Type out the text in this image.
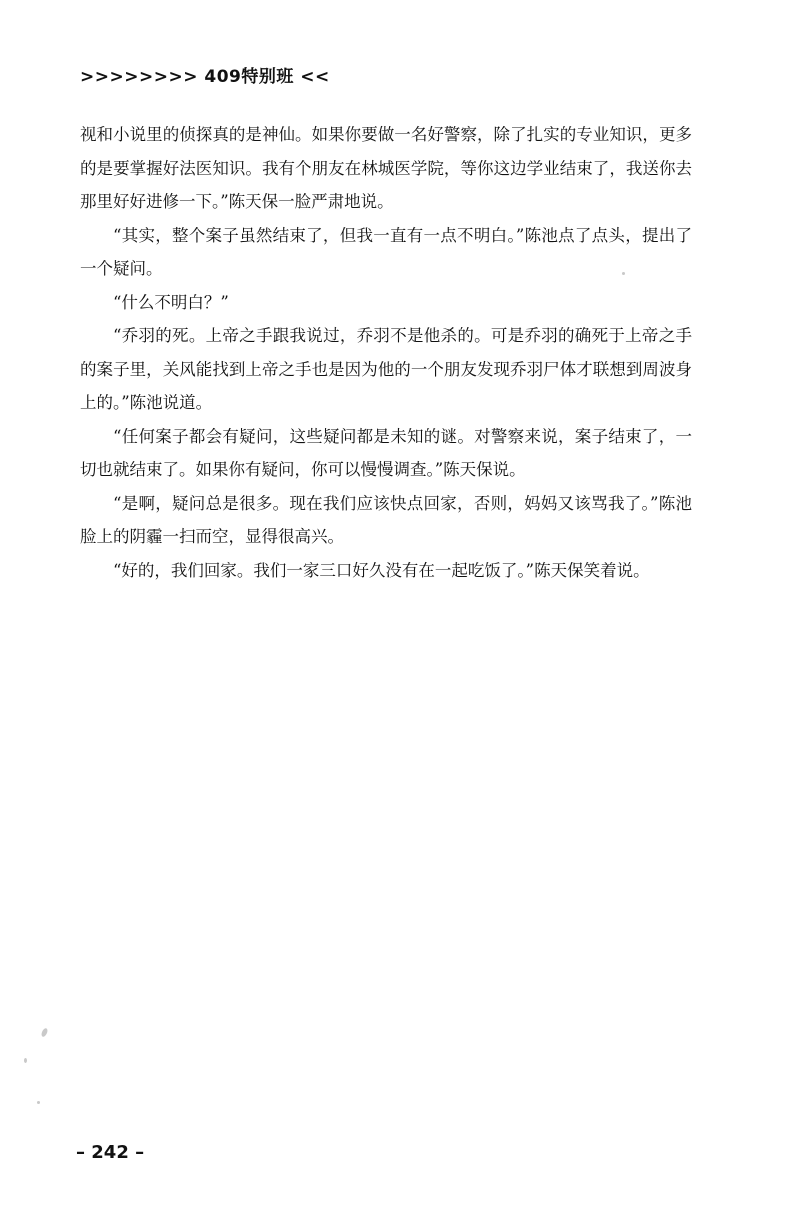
>>>>>>>> 409特别班 <<

视和小说里的侦探真的是神仙。如果你要做一名好警察，除了扎实的专业知识，更多的是要掌握好法医知识。我有个朋友在林城医学院，等你这边学业结束了，我送你去那里好好进修一下。”陈天保一脸严肃地说。

“其实，整个案子虽然结束了，但我一直有一点不明白。”陈池点了点头，提出了一个疑问。

“什么不明白？”

“乔羽的死。上帝之手跟我说过，乔羽不是他杀的。可是乔羽的确死于上帝之手的案子里，关风能找到上帝之手也是因为他的一个朋友发现乔羽尸体才联想到周波身上的。”陈池说道。

“任何案子都会有疑问，这些疑问都是未知的谜。对警察来说，案子结束了，一切也就结束了。如果你有疑问，你可以慢慢调查。”陈天保说。

“是啊，疑问总是很多。现在我们应该快点回家，否则，妈妈又该骂我了。”陈池脸上的阴霾一扫而空，显得很高兴。

“好的，我们回家。我们一家三口好久没有在一起吃饭了。”陈天保笑着说。

– 242 –
